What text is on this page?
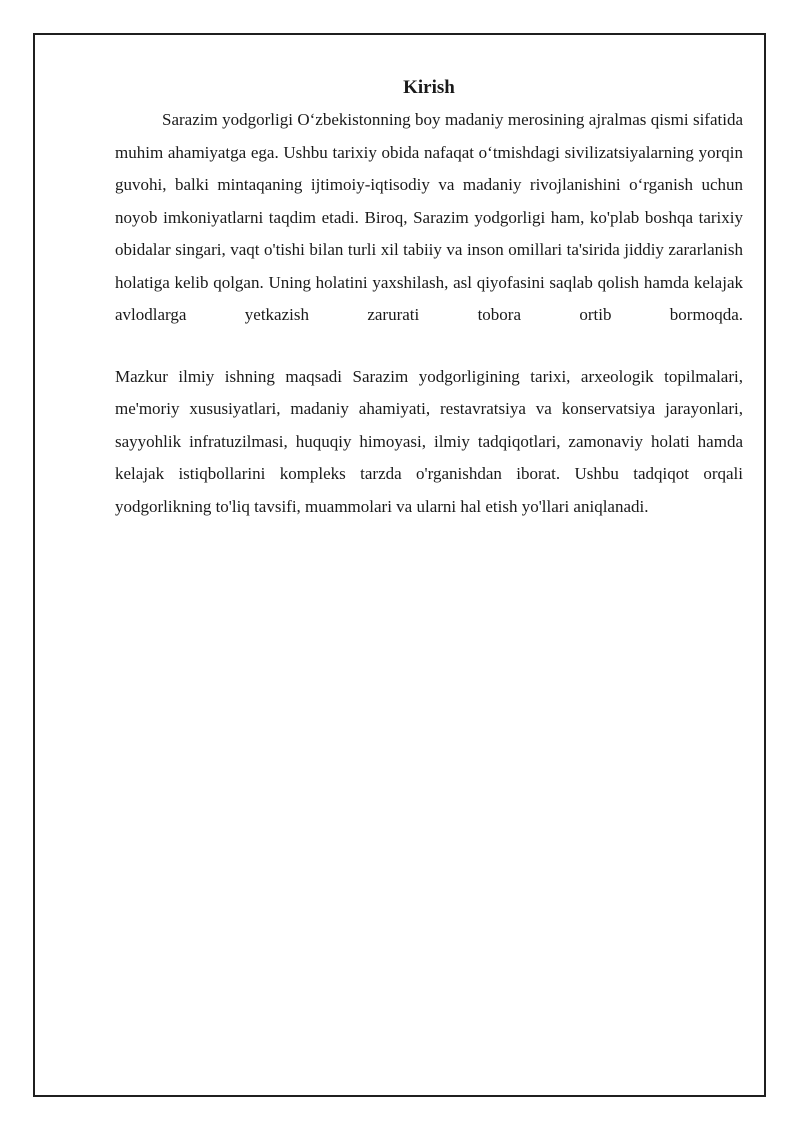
Kirish

Sarazim yodgorligi O‘zbekistonning boy madaniy merosining ajralmas qismi sifatida muhim ahamiyatga ega. Ushbu tarixiy obida nafaqat o‘tmishdagi sivilizatsiyalarning yorqin guvohi, balki mintaqaning ijtimoiy-iqtisodiy va madaniy rivojlanishini o‘rganish uchun noyob imkoniyatlarni taqdim etadi. Biroq, Sarazim yodgorligi ham, ko'plab boshqa tarixiy obidalar singari, vaqt o'tishi bilan turli xil tabiiy va inson omillari ta'sirida jiddiy zararlanish holatiga kelib qolgan. Uning holatini yaxshilash, asl qiyofasini saqlab qolish hamda kelajak avlodlarga yetkazish zarurati tobora ortib bormoqda.

Mazkur ilmiy ishning maqsadi Sarazim yodgorligining tarixi, arxeologik topilmalari, me'moriy xususiyatlari, madaniy ahamiyati, restavratsiya va konservatsiya jarayonlari, sayyohlik infratuzilmasi, huquqiy himoyasi, ilmiy tadqiqotlari, zamonaviy holati hamda kelajak istiqbollarini kompleks tarzda o'rganishdan iborat. Ushbu tadqiqot orqali yodgorlikning to'liq tavsifi, muammolari va ularni hal etish yo'llari aniqlanadi.
